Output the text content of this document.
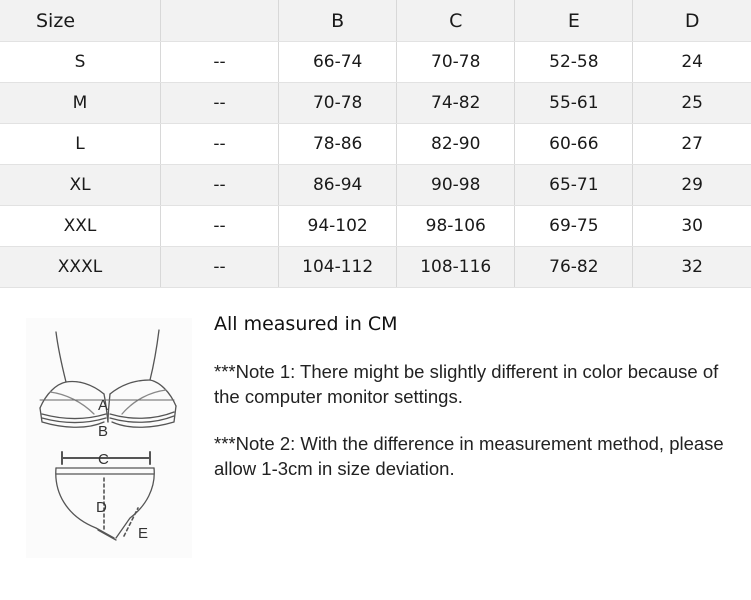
Size		B	C	E	D
S	--	66-74	70-78	52-58	24
M	--	70-78	74-82	55-61	25
L	--	78-86	82-90	60-66	27
XL	--	86-94	90-98	65-71	29
XXL	--	94-102	98-106	69-75	30
XXXL	--	104-112	108-116	76-82	32
A
B
C
D
E

All measured in CM

***Note 1: There might be slightly different in color because of the computer monitor settings.

***Note 2: With the difference in measurement method, please allow 1-3cm in size deviation.
